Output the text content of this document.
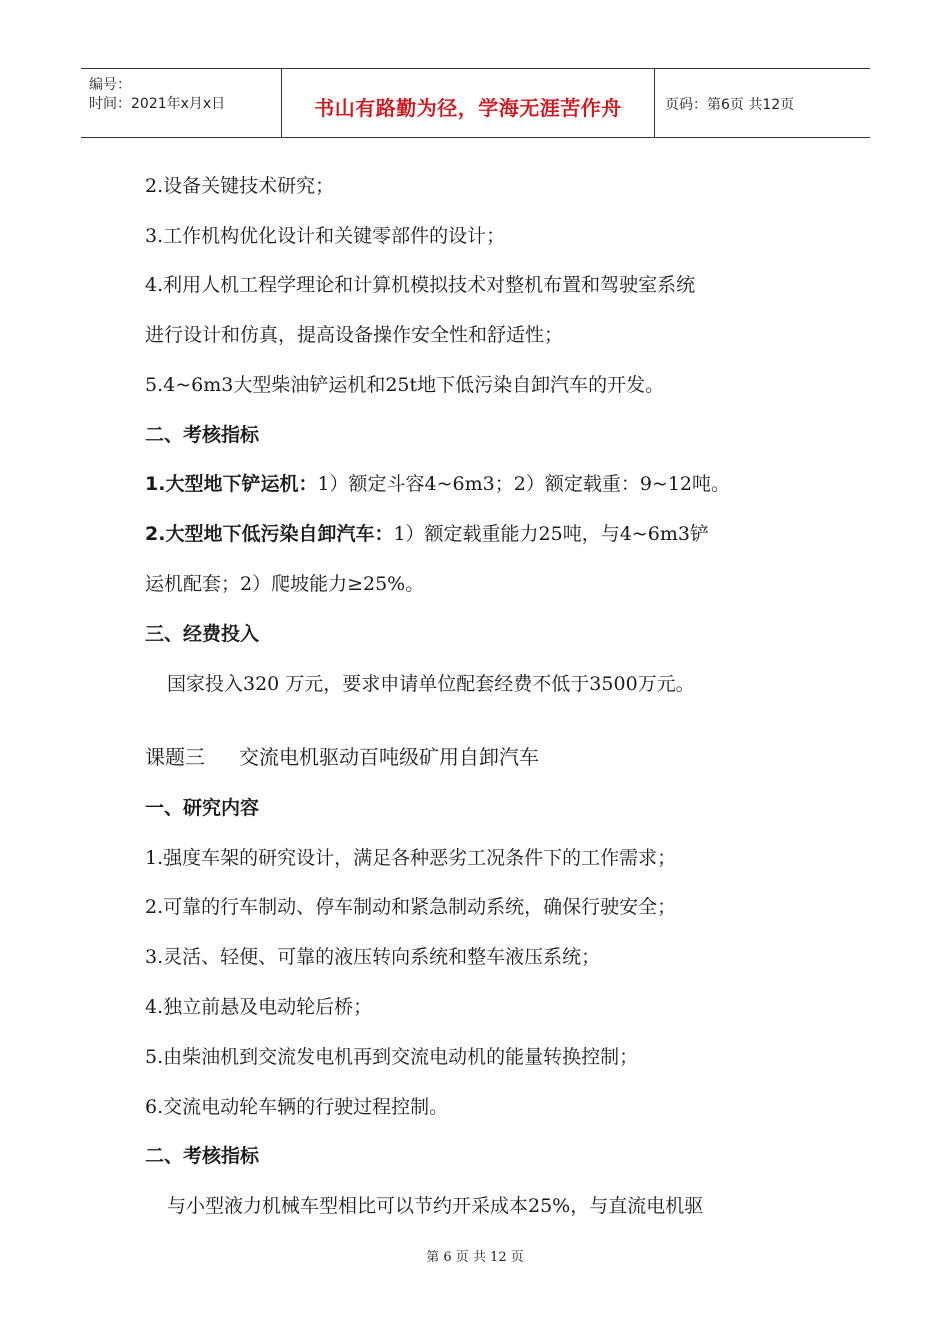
编号：
时间：2021年x月x日	书山有路勤为径，学海无涯苦作舟	页码：第6页 共12页
2.设备关键技术研究；
3.工作机构优化设计和关键零部件的设计；
4.利用人机工程学理论和计算机模拟技术对整机布置和驾驶室系统
进行设计和仿真，提高设备操作安全性和舒适性；
5.4~6m3大型柴油铲运机和25t地下低污染自卸汽车的开发。
二、考核指标
1.大型地下铲运机：1）额定斗容4~6m3；2）额定载重：9~12吨。
2.大型地下低污染自卸汽车：1）额定载重能力25吨，与4~6m3铲
运机配套；2）爬坡能力≥25%。
三、经费投入
国家投入320 万元，要求申请单位配套经费不低于3500万元。
课题三 交流电机驱动百吨级矿用自卸汽车
一、研究内容
1.强度车架的研究设计，满足各种恶劣工况条件下的工作需求；
2.可靠的行车制动、停车制动和紧急制动系统，确保行驶安全；
3.灵活、轻便、可靠的液压转向系统和整车液压系统；
4.独立前悬及电动轮后桥；
5.由柴油机到交流发电机再到交流电动机的能量转换控制；
6.交流电动轮车辆的行驶过程控制。
二、考核指标
与小型液力机械车型相比可以节约开采成本25%，与直流电机驱
第 6 页 共 12 页
